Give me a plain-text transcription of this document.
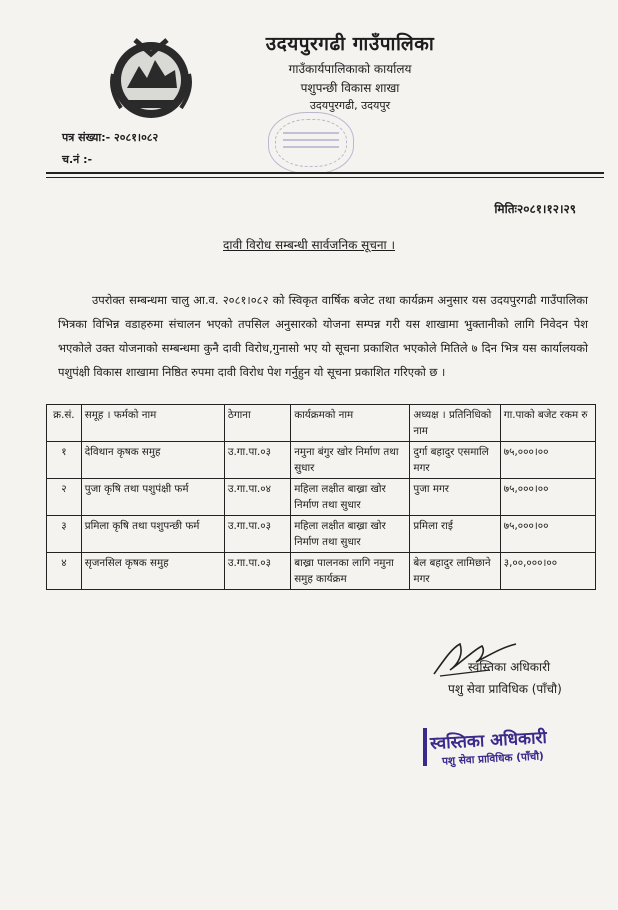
उदयपुरगढी गाउँपालिका
गाउँकार्यपालिकाको कार्यालय
पशुपन्छी विकास शाखा
उदयपुरगढी, उदयपुर
पत्र संख्या:- २०८१।०८२
च.नं :-
मितिः२०८१।१२।२९
दावी विरोध सम्बन्धी सार्वजनिक सूचना ।
उपरोक्त सम्बन्धमा चालु आ.व. २०८१।०८२ को स्विकृत वार्षिक बजेट तथा कार्यक्रम अनुसार यस उदयपुरगढी गाउँपालिका भित्रका विभिन्न वडाहरुमा संचालन भएको तपसिल अनुसारको योजना सम्पन्न गरी यस शाखामा भुक्तानीको लागि निवेदन पेश भएकोले उक्त योजनाको सम्बन्धमा कुनै दावी विरोध,गुनासो भए यो सूचना प्रकाशित भएकोले मितिले ७ दिन भित्र यस कार्यालयको पशुपंक्षी विकास शाखामा निष्ठित रुपमा दावी विरोध पेश गर्नुहुन यो सूचना प्रकाशित गरिएको छ ।
क्र.सं.	समूह । फर्मको नाम	ठेगाना	कार्यक्रमको नाम	अध्यक्ष । प्रतिनिधिको नाम	गा.पाको बजेट रकम रु
१	देविथान कृषक समुह	उ.गा.पा.०३	नमुना बंगुर खोर निर्माण तथा सुधार	दुर्गा बहादुर एसमालि मगर	७५,०००।००
२	पुजा कृषि तथा पशुपंक्षी फर्म	उ.गा.पा.०४	महिला लक्षीत बाख्रा खोर निर्माण तथा सुधार	पुजा मगर	७५,०००।००
३	प्रमिला कृषि तथा पशुपन्छी फर्म	उ.गा.पा.०३	महिला लक्षीत बाख्रा खोर निर्माण तथा सुधार	प्रमिला राई	७५,०००।००
४	सृजनसिल कृषक समुह	उ.गा.पा.०३	बाख्रा पालनका लागि नमुना समुह कार्यक्रम	बेल बहादुर लामिछाने मगर	३,००,०००।००
स्वस्तिका अधिकारी
पशु सेवा प्राविधिक (पाँचौ)
स्वस्तिका अधिकारी
पशु सेवा प्राविधिक (पाँचौ)
